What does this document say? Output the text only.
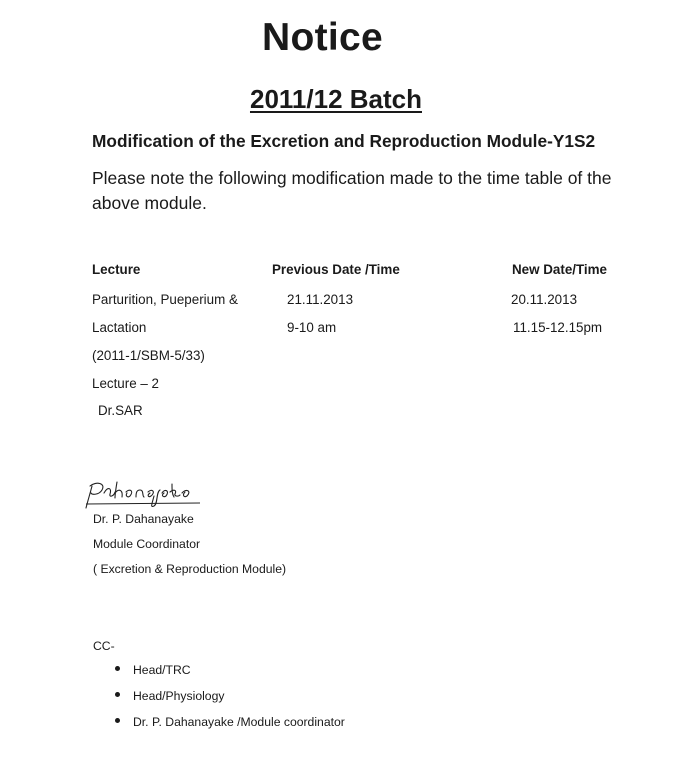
Notice
2011/12 Batch
Modification of the Excretion and Reproduction Module-Y1S2
Please note the following modification made to the time table of the above module.
Lecture	Previous Date /Time	New Date/Time
Parturition, Pueperium &
Lactation
(2011-1/SBM-5/33)
Lecture – 2
Dr.SAR
21.11.2013
9-10 am
20.11.2013
11.15-12.15pm
Dr. P. Dahanayake
Module Coordinator
( Excretion & Reproduction Module)
CC-
Head/TRC
Head/Physiology
Dr. P. Dahanayake /Module coordinator
